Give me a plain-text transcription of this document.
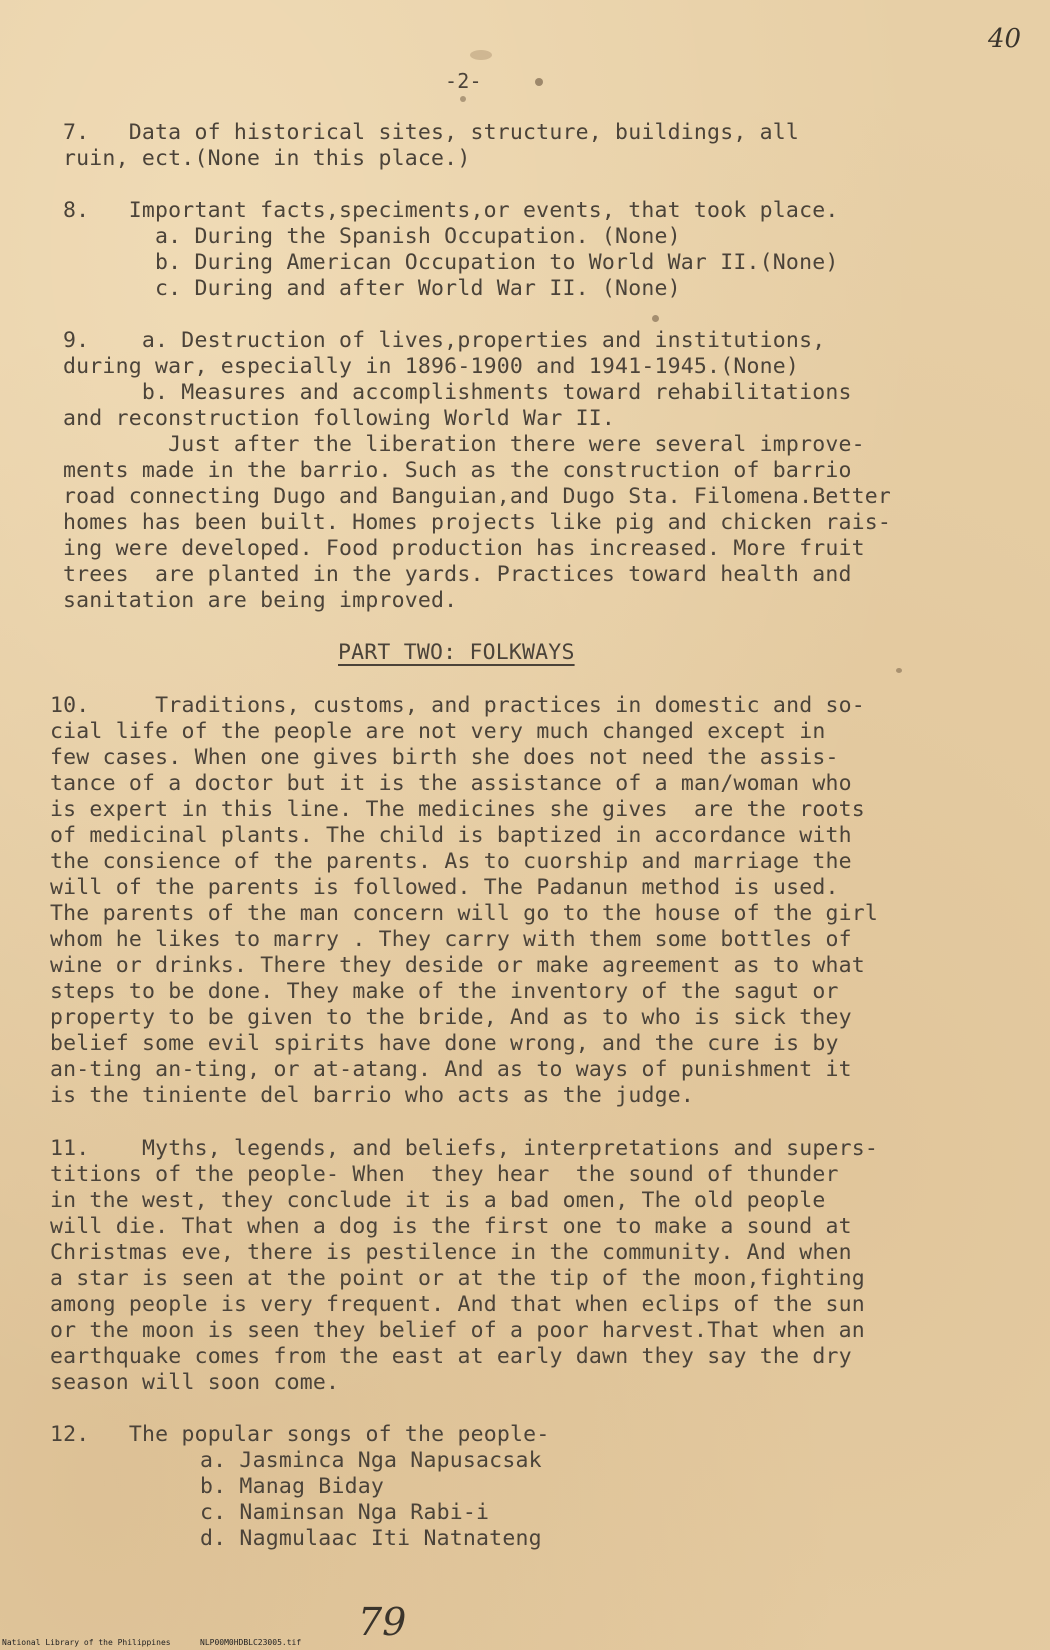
-2-
40
7.   Data of historical sites, structure, buildings, all
ruin, ect.(None in this place.)
8.   Important facts,speciments,or events, that took place.
a. During the Spanish Occupation. (None)
b. During American Occupation to World War II.(None)
c. During and after World War II. (None)
9.    a. Destruction of lives,properties and institutions,
during war, especially in 1896-1900 and 1941-1945.(None)
b. Measures and accomplishments toward rehabilitations
and reconstruction following World War II.
Just after the liberation there were several improve-
ments made in the barrio. Such as the construction of barrio
road connecting Dugo and Banguian,and Dugo Sta. Filomena.Better
homes has been built. Homes projects like pig and chicken rais-
ing were developed. Food production has increased. More fruit
trees  are planted in the yards. Practices toward health and
sanitation are being improved.
PART TWO: FOLKWAYS
10.     Traditions, customs, and practices in domestic and so-
cial life of the people are not very much changed except in
few cases. When one gives birth she does not need the assis-
tance of a doctor but it is the assistance of a man/woman who
is expert in this line. The medicines she gives  are the roots
of medicinal plants. The child is baptized in accordance with
the consience of the parents. As to cuorship and marriage the
will of the parents is followed. The Padanun method is used.
The parents of the man concern will go to the house of the girl
whom he likes to marry . They carry with them some bottles of
wine or drinks. There they deside or make agreement as to what
steps to be done. They make of the inventory of the sagut or
property to be given to the bride, And as to who is sick they
belief some evil spirits have done wrong, and the cure is by
an-ting an-ting, or at-atang. And as to ways of punishment it
is the tiniente del barrio who acts as the judge.
11.    Myths, legends, and beliefs, interpretations and supers-
titions of the people- When  they hear  the sound of thunder
in the west, they conclude it is a bad omen, The old people
will die. That when a dog is the first one to make a sound at
Christmas eve, there is pestilence in the community. And when
a star is seen at the point or at the tip of the moon,fighting
among people is very frequent. And that when eclips of the sun
or the moon is seen they belief of a poor harvest.That when an
earthquake comes from the east at early dawn they say the dry
season will soon come.
12.   The popular songs of the people-
a. Jasminca Nga Napusacsak
b. Manag Biday
c. Naminsan Nga Rabi-i
d. Nagmulaac Iti Natnateng
79
National Library of the Philippines	NLP00M0HDBLC23005.tif
